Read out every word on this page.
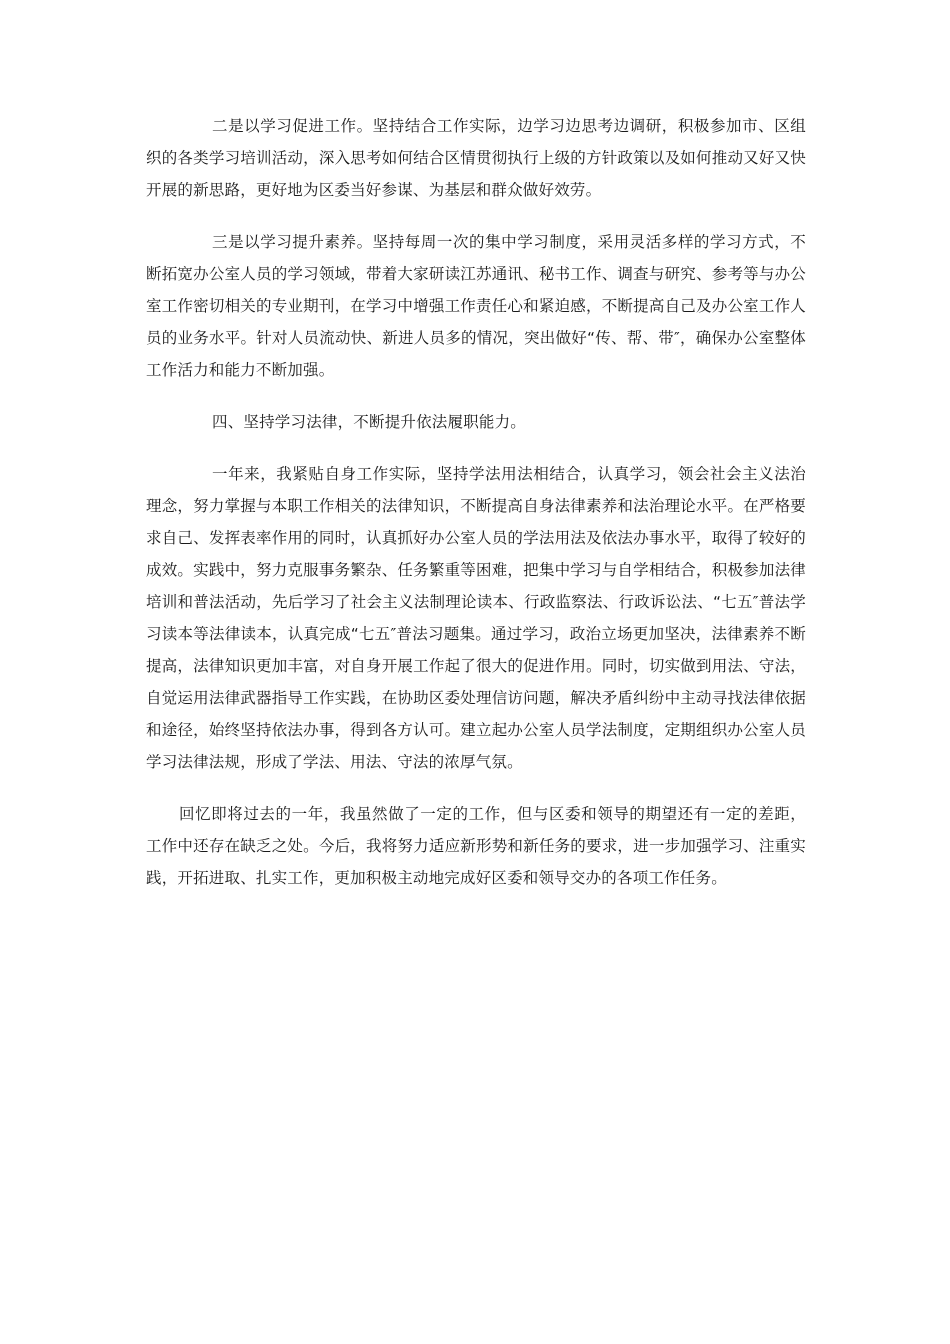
二是以学习促进工作。坚持结合工作实际，边学习边思考边调研，积极参加市、区组织的各类学习培训活动，深入思考如何结合区情贯彻执行上级的方针政策以及如何推动又好又快开展的新思路，更好地为区委当好参谋、为基层和群众做好效劳。

三是以学习提升素养。坚持每周一次的集中学习制度，采用灵活多样的学习方式，不断拓宽办公室人员的学习领域，带着大家研读江苏通讯、秘书工作、调查与研究、参考等与办公室工作密切相关的专业期刊，在学习中增强工作责任心和紧迫感，不断提高自己及办公室工作人员的业务水平。针对人员流动快、新进人员多的情况，突出做好“传、帮、带″，确保办公室整体工作活力和能力不断加强。

四、坚持学习法律，不断提升依法履职能力。

一年来，我紧贴自身工作实际，坚持学法用法相结合，认真学习，领会社会主义法治理念，努力掌握与本职工作相关的法律知识，不断提高自身法律素养和法治理论水平。在严格要求自己、发挥表率作用的同时，认真抓好办公室人员的学法用法及依法办事水平，取得了较好的成效。实践中，努力克服事务繁杂、任务繁重等困难，把集中学习与自学相结合，积极参加法律培训和普法活动，先后学习了社会主义法制理论读本、行政监察法、行政诉讼法、“七五″普法学习读本等法律读本，认真完成“七五″普法习题集。通过学习，政治立场更加坚决，法律素养不断提高，法律知识更加丰富，对自身开展工作起了很大的促进作用。同时，切实做到用法、守法，自觉运用法律武器指导工作实践，在协助区委处理信访问题，解决矛盾纠纷中主动寻找法律依据和途径，始终坚持依法办事，得到各方认可。建立起办公室人员学法制度，定期组织办公室人员学习法律法规，形成了学法、用法、守法的浓厚气氛。

回忆即将过去的一年，我虽然做了一定的工作，但与区委和领导的期望还有一定的差距，工作中还存在缺乏之处。今后，我将努力适应新形势和新任务的要求，进一步加强学习、注重实践，开拓进取、扎实工作，更加积极主动地完成好区委和领导交办的各项工作任务。
